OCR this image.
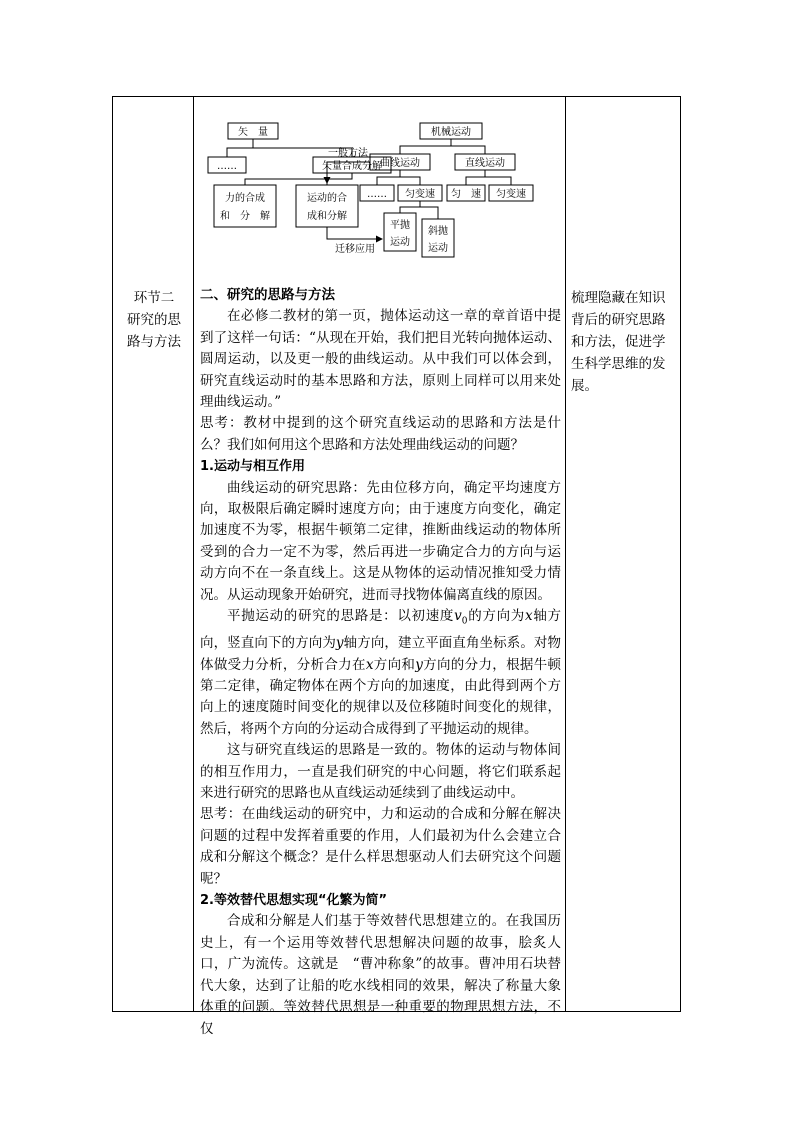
环节二
研究的思
路与方法
矢　量
……	矢量合成分解
力的合成
和　分　解
运动的合
成和分解
一般方法
机械运动
曲线运动	直线运动
…… 匀变速 匀　速 匀变速
平抛
运动
斜抛
运动
迁移应用

二、研究的思路与方法

在必修二教材的第一页，抛体运动这一章的章首语中提到了这样一句话：“从现在开始，我们把目光转向抛体运动、圆周运动，以及更一般的曲线运动。从中我们可以体会到，研究直线运动时的基本思路和方法，原则上同样可以用来处理曲线运动。”

思考：教材中提到的这个研究直线运动的思路和方法是什么？我们如何用这个思路和方法处理曲线运动的问题？

1.运动与相互作用

曲线运动的研究思路：先由位移方向，确定平均速度方向，取极限后确定瞬时速度方向；由于速度方向变化，确定加速度不为零，根据牛顿第二定律，推断曲线运动的物体所受到的合力一定不为零，然后再进一步确定合力的方向与运动方向不在一条直线上。这是从物体的运动情况推知受力情况。从运动现象开始研究，进而寻找物体偏离直线的原因。

平抛运动的研究的思路是：以初速度$v_0$的方向为x轴方向，竖直向下的方向为y轴方向，建立平面直角坐标系。对物体做受力分析，分析合力在x方向和y方向的分力，根据牛顿第二定律，确定物体在两个方向的加速度，由此得到两个方向上的速度随时间变化的规律以及位移随时间变化的规律，然后，将两个方向的分运动合成得到了平抛运动的规律。

这与研究直线运的思路是一致的。物体的运动与物体间的相互作用力，一直是我们研究的中心问题，将它们联系起来进行研究的思路也从直线运动延续到了曲线运动中。

思考：在曲线运动的研究中，力和运动的合成和分解在解决问题的过程中发挥着重要的作用，人们最初为什么会建立合成和分解这个概念？是什么样思想驱动人们去研究这个问题呢？

2.等效替代思想实现“化繁为简”

合成和分解是人们基于等效替代思想建立的。在我国历史上，有一个运用等效替代思想解决问题的故事，脍炙人口，广为流传。这就是　“曹冲称象”的故事。曹冲用石块替代大象，达到了让船的吃水线相同的效果，解决了称量大象体重的问题。等效替代思想是一种重要的物理思想方法，不仅

梳理隐藏在知识
背后的研究思路
和方法，促进学
生科学思维的发
展。
